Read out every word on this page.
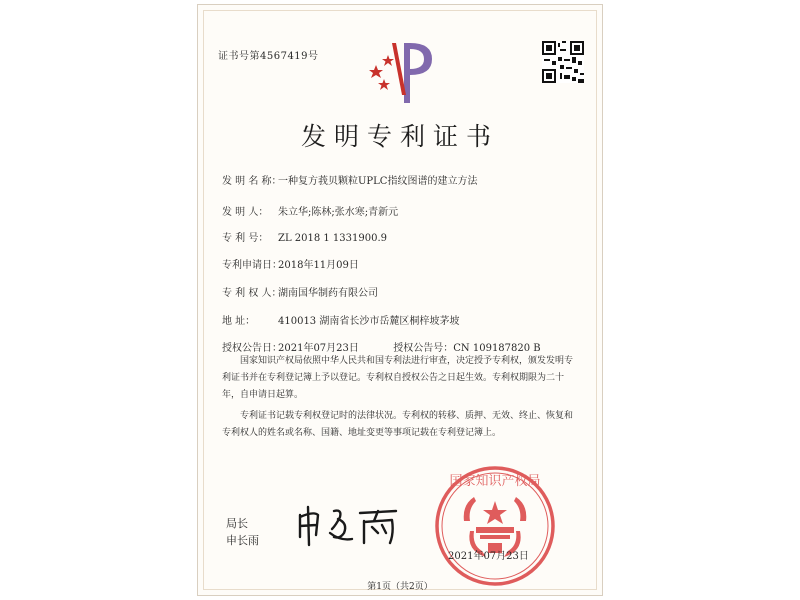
证书号第4567419号
发明专利证书
发 明 名 称：一种复方莪贝颗粒UPLC指纹图谱的建立方法
发 明 人： 朱立华;陈林;张水寒;青新元
专 利 号： ZL 2018 1 1331900.9
专利申请日：2018年11月09日
专 利 权 人：湖南国华制药有限公司
地 址： 410013 湖南省长沙市岳麓区桐梓坡茅坡
授权公告日：2021年07月23日	授权公告号：CN 109187820 B

国家知识产权局依照中华人民共和国专利法进行审查，决定授予专利权，颁发发明专利证书并在专利登记簿上予以登记。专利权自授权公告之日起生效。专利权期限为二十年，自申请日起算。

专利证书记载专利权登记时的法律状况。专利权的转移、质押、无效、终止、恢复和专利权人的姓名或名称、国籍、地址变更等事项记载在专利登记簿上。

局长
申长雨
国家知识产权局
2021年07月23日
第1页（共2页）
